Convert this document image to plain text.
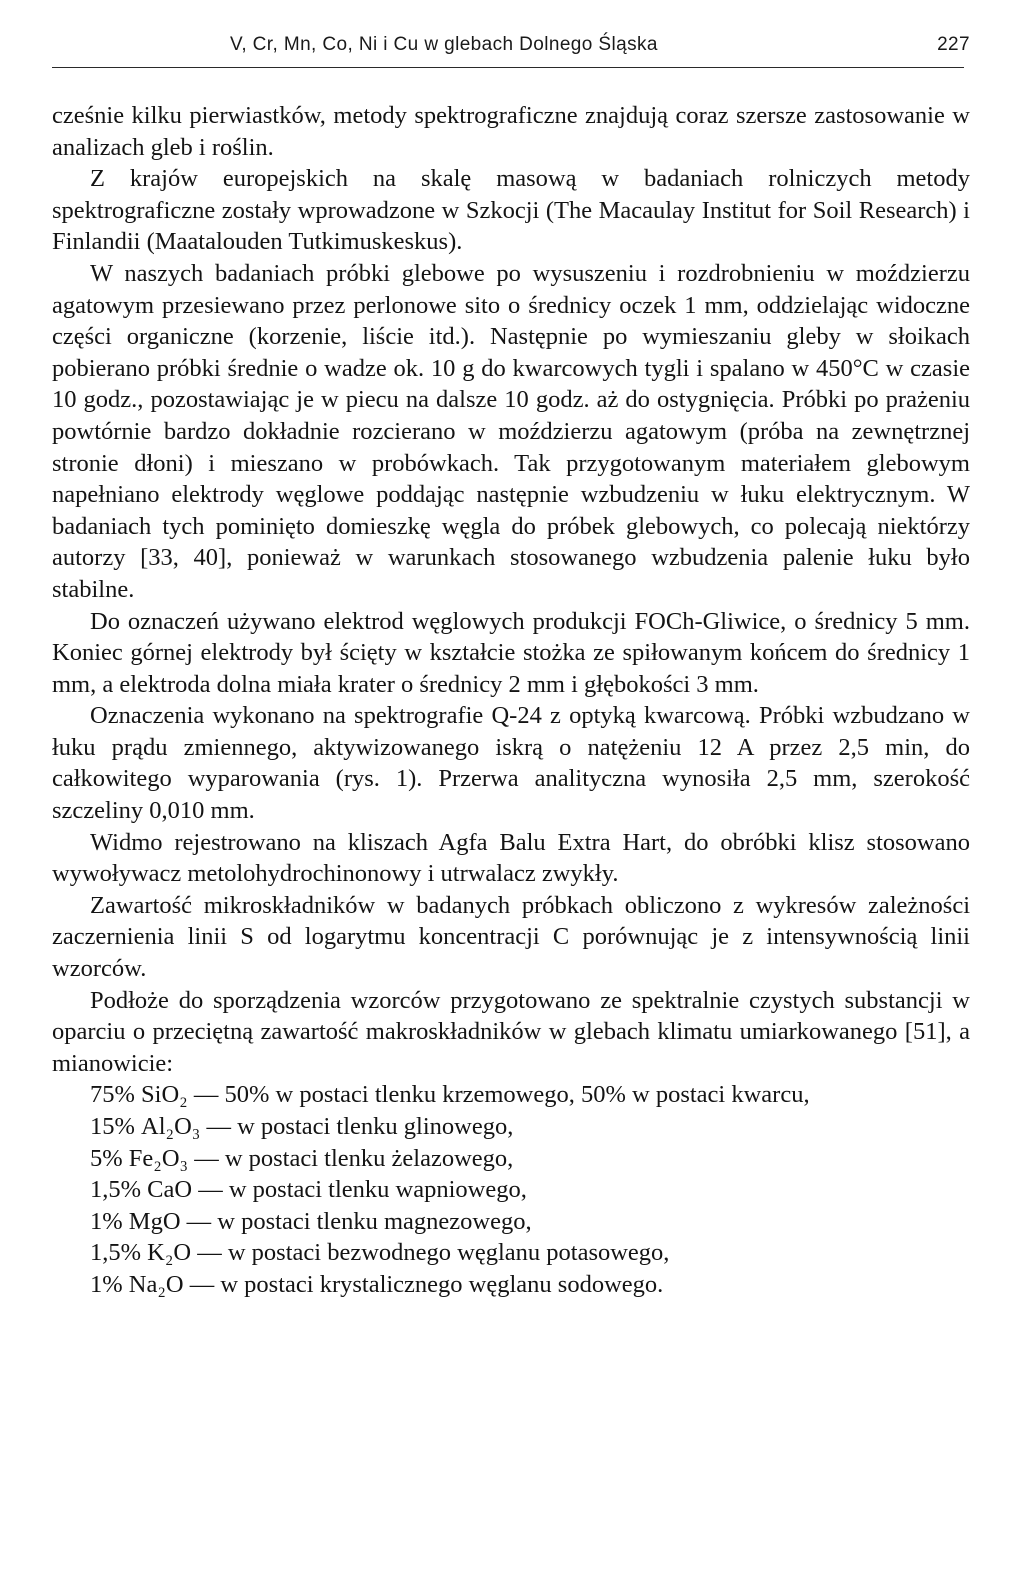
V, Cr, Mn, Co, Ni i Cu w glebach Dolnego Śląska	227

cześnie kilku pierwiastków, metody spektrograficzne znajdują coraz szersze zastosowanie w analizach gleb i roślin.

Z krajów europejskich na skalę masową w badaniach rolniczych metody spektrograficzne zostały wprowadzone w Szkocji (The Macaulay Institut for Soil Research) i Finlandii (Maatalouden Tutkimuskeskus).

W naszych badaniach próbki glebowe po wysuszeniu i rozdrobnieniu w moździerzu agatowym przesiewano przez perlonowe sito o średnicy oczek 1 mm, oddzielając widoczne części organiczne (korzenie, liście itd.). Następnie po wymieszaniu gleby w słoikach pobierano próbki średnie o wadze ok. 10 g do kwarcowych tygli i spalano w 450°C w czasie 10 godz., pozostawiając je w piecu na dalsze 10 godz. aż do ostygnięcia. Próbki po prażeniu powtórnie bardzo dokładnie rozcierano w moździerzu agatowym (próba na zewnętrznej stronie dłoni) i mieszano w probówkach. Tak przygotowanym materiałem glebowym napełniano elektrody węglowe poddając następnie wzbudzeniu w łuku elektrycznym. W badaniach tych pominięto domieszkę węgla do próbek glebowych, co polecają niektórzy autorzy [33, 40], ponieważ w warunkach stosowanego wzbudzenia palenie łuku było stabilne.

Do oznaczeń używano elektrod węglowych produkcji FOCh-Gliwice, o średnicy 5 mm. Koniec górnej elektrody był ścięty w kształcie stożka ze spiłowanym końcem do średnicy 1 mm, a elektroda dolna miała krater o średnicy 2 mm i głębokości 3 mm.

Oznaczenia wykonano na spektrografie Q-24 z optyką kwarcową. Próbki wzbudzano w łuku prądu zmiennego, aktywizowanego iskrą o natężeniu 12 A przez 2,5 min, do całkowitego wyparowania (rys. 1). Przerwa analityczna wynosiła 2,5 mm, szerokość szczeliny 0,010 mm.

Widmo rejestrowano na kliszach Agfa Balu Extra Hart, do obróbki klisz stosowano wywoływacz metolohydrochinonowy i utrwalacz zwykły.

Zawartość mikroskładników w badanych próbkach obliczono z wykresów zależności zaczernienia linii S od logarytmu koncentracji C porównując je z intensywnością linii wzorców.

Podłoże do sporządzenia wzorców przygotowano ze spektralnie czystych substancji w oparciu o przeciętną zawartość makroskładników w glebach klimatu umiarkowanego [51], a mianowicie:

75% SiO₂ — 50% w postaci tlenku krzemowego, 50% w postaci kwarcu,
15% Al₂O₃ — w postaci tlenku glinowego,
5% Fe₂O₃ — w postaci tlenku żelazowego,
1,5% CaO — w postaci tlenku wapniowego,
1% MgO — w postaci tlenku magnezowego,
1,5% K₂O — w postaci bezwodnego węglanu potasowego,
1% Na₂O — w postaci krystalicznego węglanu sodowego.
